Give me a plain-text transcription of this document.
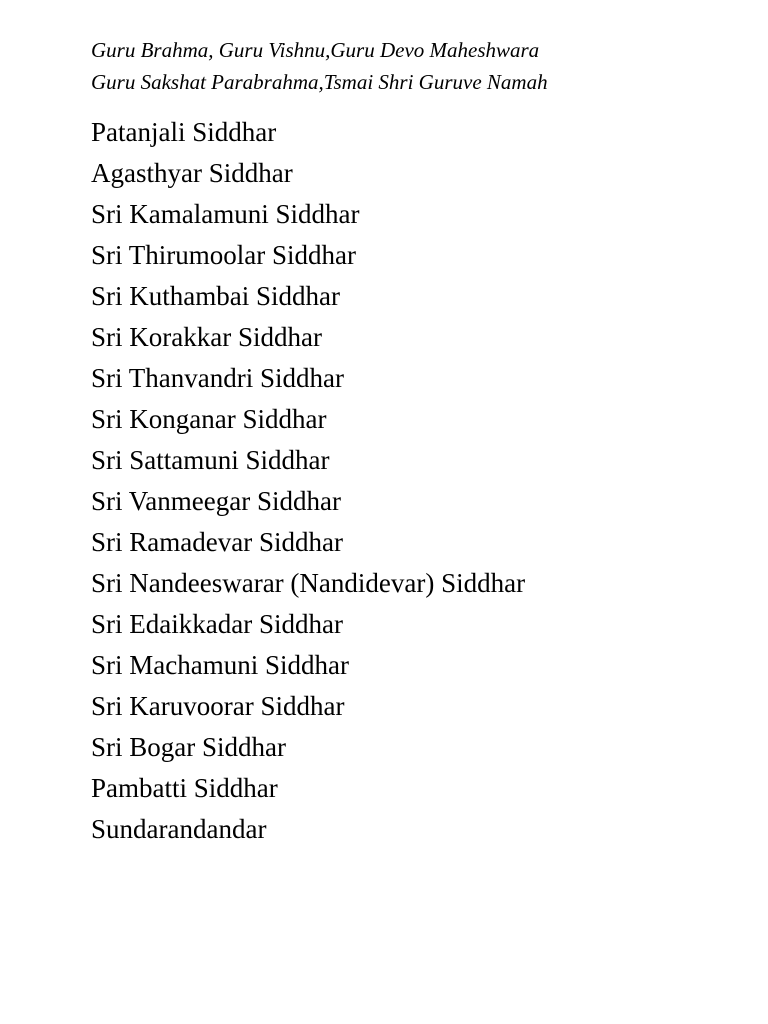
Guru Brahma, Guru Vishnu,Guru Devo Maheshwara

Guru Sakshat Parabrahma,Tsmai Shri Guruve Namah

Patanjali Siddhar
Agasthyar Siddhar
Sri Kamalamuni Siddhar
Sri Thirumoolar Siddhar
Sri Kuthambai Siddhar
Sri Korakkar Siddhar
Sri Thanvandri Siddhar
Sri Konganar Siddhar
Sri Sattamuni Siddhar
Sri Vanmeegar Siddhar
Sri Ramadevar Siddhar
Sri Nandeeswarar (Nandidevar) Siddhar
Sri Edaikkadar Siddhar
Sri Machamuni Siddhar
Sri Karuvoorar Siddhar
Sri Bogar Siddhar
Pambatti Siddhar
Sundarandandar
